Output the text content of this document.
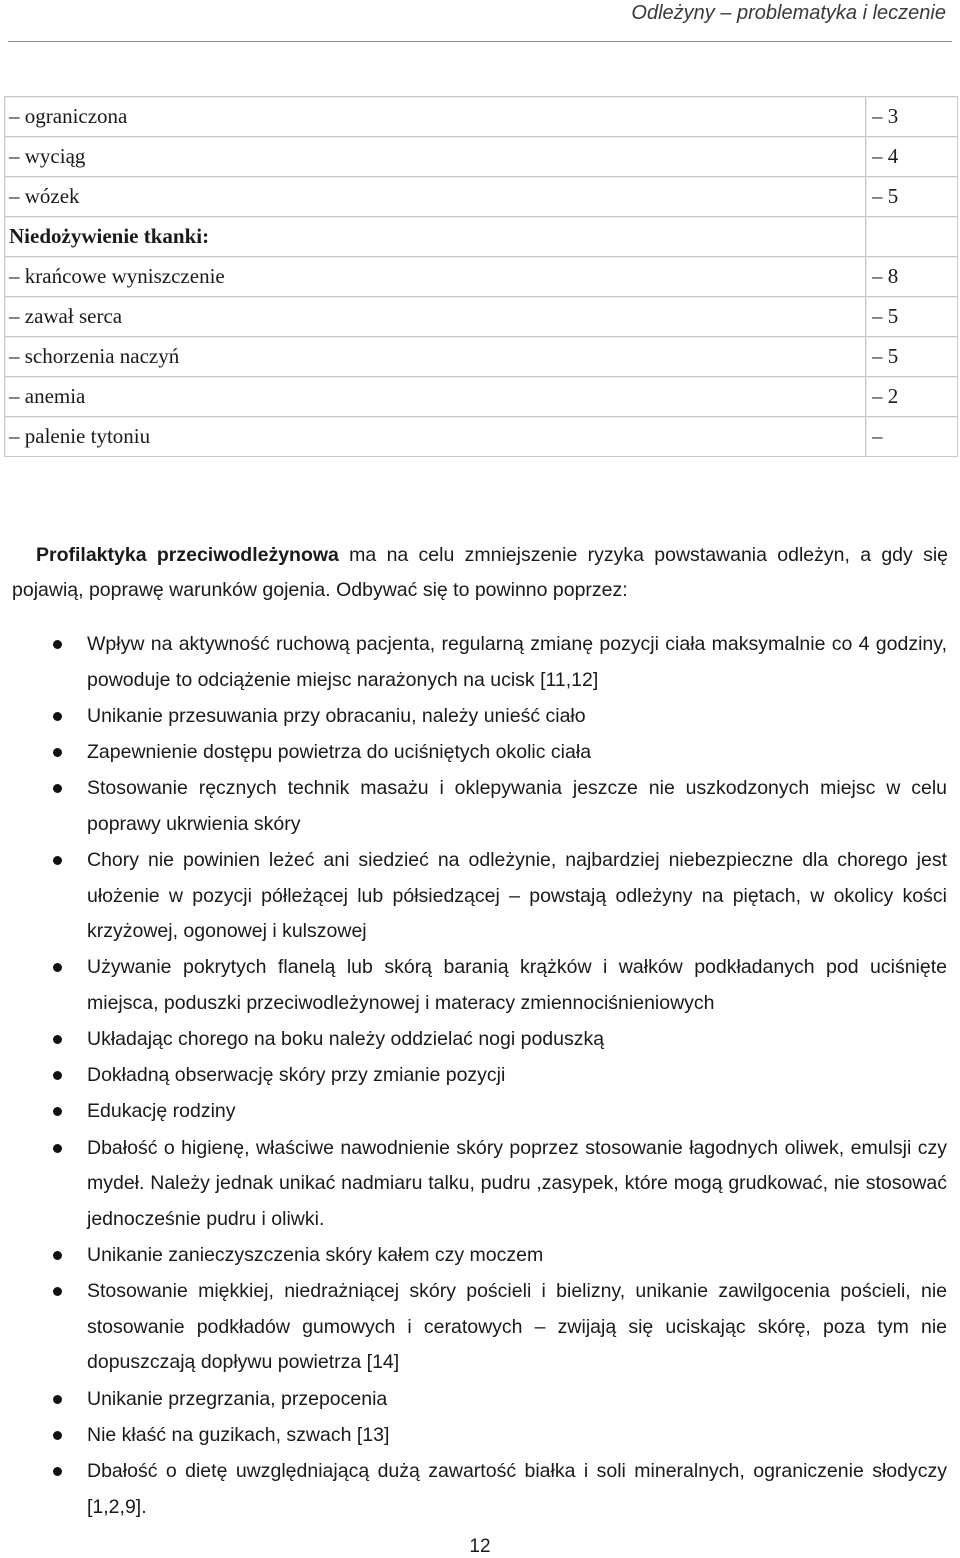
Odleżyny – problematyka i leczenie
– ograniczona	– 3
– wyciąg	– 4
– wózek	– 5
Niedożywienie tkanki:	
– krańcowe wyniszczenie	– 8
– zawał serca	– 5
– schorzenia naczyń	– 5
– anemia	– 2
– palenie tytoniu	–

Profilaktyka przeciwodleżynowa ma na celu zmniejszenie ryzyka powstawania odleżyn, a gdy się pojawią, poprawę warunków gojenia. Odbywać się to powinno poprzez:

Wpływ na aktywność ruchową pacjenta, regularną zmianę pozycji ciała maksymalnie co 4 godziny, powoduje to odciążenie miejsc narażonych na ucisk [11,12]
Unikanie przesuwania przy obracaniu, należy unieść ciało
Zapewnienie dostępu powietrza do uciśniętych okolic ciała
Stosowanie ręcznych technik masażu i oklepywania jeszcze nie uszkodzonych miejsc w celu poprawy ukrwienia skóry
Chory nie powinien leżeć ani siedzieć na odleżynie, najbardziej niebezpieczne dla chorego jest ułożenie w pozycji półleżącej lub półsiedzącej – powstają odleżyny na piętach, w okolicy kości krzyżowej, ogonowej i kulszowej
Używanie pokrytych flanelą lub skórą baranią krążków i wałków podkładanych pod uciśnięte miejsca, poduszki przeciwodleżynowej i materacy zmiennociśnieniowych
Układając chorego na boku należy oddzielać nogi poduszką
Dokładną obserwację skóry przy zmianie pozycji
Edukację rodziny
Dbałość o higienę, właściwe nawodnienie skóry poprzez stosowanie łagodnych oliwek, emulsji czy mydeł. Należy jednak unikać nadmiaru talku, pudru ,zasypek, które mogą grudkować, nie stosować jednocześnie pudru i oliwki.
Unikanie zanieczyszczenia skóry kałem czy moczem
Stosowanie miękkiej, niedrażniącej skóry pościeli i bielizny, unikanie zawilgocenia pościeli, nie stosowanie podkładów gumowych i ceratowych – zwijają się uciskając skórę, poza tym nie dopuszczają dopływu powietrza [14]
Unikanie przegrzania, przepocenia
Nie kłaść na guzikach, szwach [13]
Dbałość o dietę uwzględniającą dużą zawartość białka i soli mineralnych, ograniczenie słodyczy [1,2,9].
12
